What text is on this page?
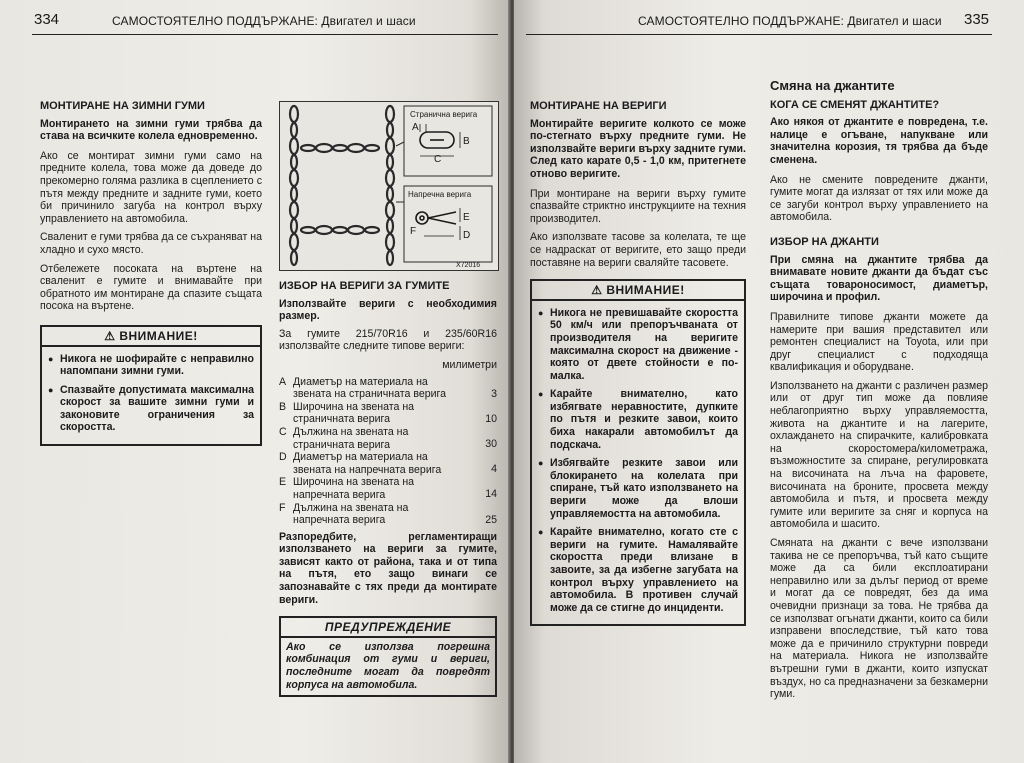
334	САМОСТОЯТЕЛНО ПОДДЪРЖАНЕ: Двигател и шаси
МОНТИРАНЕ НА ЗИМНИ ГУМИ
Монтирането на зимни гуми трябва да става на всичките колела едновременно.
Ако се монтират зимни гуми само на предните колела, това може да доведе до прекомерно голяма разлика в сцеплението с пътя между предните и задните гуми, което би причинило загуба на контрол върху управлението на автомобила.
Сваленит е гуми трябва да се съхраняват на хладно и сухо място.
Отбележете посоката на въртене на сваленит е гумите и внимавайте при обратното им монтиране да спазите същата посока на въртене.
⚠ ВНИМАНИЕ!
● Никога не шофирайте с неправилно напомпани зимни гуми.
● Спазвайте допустимата максимална скорост за вашите зимни гуми и законовите ограничения за скоростта.
Странична верига
Напречна верига
X72016
A
B
C
E
F	D
ИЗБОР НА ВЕРИГИ ЗА ГУМИТЕ
Използвайте вериги с необходимия размер.
За гумите 215/70R16 и 235/60R16 използвайте следните типове вериги:
милиметри
A Диаметър на материала на звената на страничната верига	3
B Широчина на звената на страничната верига	10
C Дължина на звената на страничната верига	30
D Диаметър на материала на звената на напречната верига	4
E Широчина на звената на напречната верига	14
F Дължина на звената на напречната верига	25
Разпоредбите, регламентиращи използването на вериги за гумите, зависят както от района, така и от типа на пътя, ето защо винаги се запознавайте с тях преди да монтирате вериги.
ПРЕДУПРЕЖДЕНИЕ
Ако се използва погрешна комбинация от гуми и вериги, последните могат да повредят корпуса на автомобила.
САМОСТОЯТЕЛНО ПОДДЪРЖАНЕ: Двигател и шаси 335
МОНТИРАНЕ НА ВЕРИГИ
Монтирайте веригите колкото се може по-стегнато върху предните гуми. Не използвайте вериги върху задните гуми. След като карате 0,5 - 1,0 км, притегнете отново веригите.
При монтиране на вериги върху гумите спазвайте стриктно инструкциите на техния производител.
Ако използвате тасове за колелата, те ще се надраскат от веригите, ето защо преди поставяне на вериги сваляйте тасовете.
⚠ ВНИМАНИЕ!
● Никога не превишавайте скоростта 50 км/ч или препоръчваната от производителя на веригите максимална скорост на движение - която от двете стойности е по-малка.
● Карайте внимателно, като избягвате неравностите, дупките по пътя и резките завои, които биха накарали автомобилът да подскача.
● Избягвайте резките завои или блокирането на колелата при спиране, тъй като използването на вериги може да влоши управляемостта на автомобила.
● Карайте внимателно, когато сте с вериги на гумите. Намалявайте скоростта преди влизане в завоите, за да избегне загубата на контрол върху управлението на автомобила. В противен случай може да се стигне до инциденти.
Смяна на джантите
КОГА СЕ СМЕНЯТ ДЖАНТИТЕ?
Ако някоя от джантите е повредена, т.е. налице е огъване, напукване или значителна корозия, тя трябва да бъде сменена.
Ако не смените повредените джанти, гумите могат да излязат от тях или може да се загуби контрол върху управлението на автомобила.
ИЗБОР НА ДЖАНТИ
При смяна на джантите трябва да внимавате новите джанти да бъдат със същата товароносимост, диаметър, широчина и профил.
Правилните типове джанти можете да намерите при вашия представител или ремонтен специалист на Toyota, или при друг специалист с подходяща квалификация и оборудване.
Използването на джанти с различен размер или от друг тип може да повлияе неблагоприятно върху управляемостта, живота на джантите и на лагерите, охлаждането на спирачките, калибровката на скоростомера/километража, възможностите за спиране, регулировката на височината на лъча на фаровете, височината на броните, просвета между автомобила и пътя, и просвета между гумите или веригите за сняг и корпуса на автомобила и шасито.
Смяната на джанти с вече използвани такива не се препоръчва, тъй като същите може да са били експлоатирани неправилно или за дълъг период от време и могат да се повредят, без да има очевидни признаци за това. Не трябва да се използват огънати джанти, които са били изправени впоследствие, тъй като това може да е причинило структурни повреди на материала. Никога не използвайте вътрешни гуми в джанти, които изпускат въздух, но са предназначени за безкамерни гуми.
